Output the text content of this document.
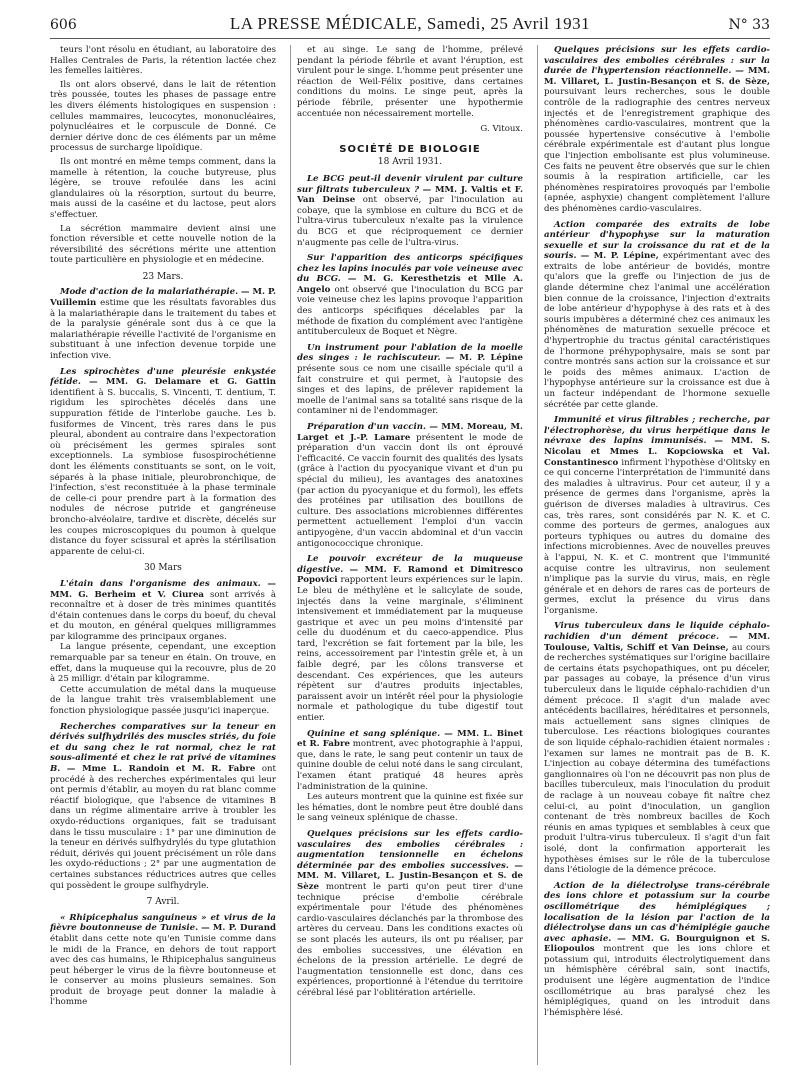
606	LA PRESSE MÉDICALE, Samedi, 25 Avril 1931	N° 33

teurs l'ont résolu en étudiant, au laboratoire des Halles Centrales de Paris, la rétention lactée chez les femelles laitières.

Ils ont alors observé, dans le lait de rétention très poussée, toutes les phases de passage entre les divers éléments histologiques en suspension : cellules mammaires, leucocytes, mononucléaires, polynucléaires et le corpuscule de Donné. Ce dernier dérive donc de ces éléments par un même processus de surcharge lipoïdique.

Ils ont montré en même temps comment, dans la mamelle à rétention, la couche butyreuse, plus légère, se trouve refoulée dans les acini glandulaires où la résorption, surtout du beurre, mais aussi de la caséine et du lactose, peut alors s'effectuer.

La sécrétion mammaire devient ainsi une fonction réversible et cette nouvelle notion de la réversibilité des sécrétions mérite une attention toute particulière en physiologie et en médecine.

23 Mars.

Mode d'action de la malariathérapie. — M. P. Vuillemin estime que les résultats favorables dus à la malariathérapie dans le traitement du tabes et de la paralysie générale sont dus à ce que la malariathérapie réveille l'activité de l'organisme en substituant à une infection devenue torpide une infection vive.

Les spirochètes d'une pleurésie enkystée fétide. — MM. G. Delamare et G. Gattin identifient à S. buccalis, S. Vincenti, T. dentium, T. rigidum les spirochètes décelés dans une suppuration fétide de l'interlobe gauche. Les b. fusiformes de Vincent, très rares dans le pus pleural, abondent au contraire dans l'expectoration où précisément les germes spirales sont exceptionnels. La symbiose fusospirochétienne dont les éléments constituants se sont, on le voit, séparés à la phase initiale, pleurobronchique, de l'infection, s'est reconstituée à la phase terminale de celle-ci pour prendre part à la formation des nodules de nécrose putride et gangréneuse broncho-alvéolaire, tardive et discrète, décelés sur les coupes microscopiques du poumon à quelque distance du foyer scissural et après la stérilisation apparente de celui-ci.

30 Mars

L'étain dans l'organisme des animaux. — MM. G. Berheim et V. Ciurea sont arrivés à reconnaître et à doser de très minimes quantités d'étain contenues dans le corps du boeuf, du cheval et du mouton, en général quelques milligrammes par kilogramme des principaux organes.

La langue présente, cependant, une exception remarquable par sa teneur en étain. On trouve, en effet, dans la muqueuse qui la recouvre, plus de 20 à 25 milligr. d'étain par kilogramme.

Cette accumulation de métal dans la muqueuse de la langue trahit très vraisemblablement une fonction physiologique passée jusqu'ici inaperçue.

Recherches comparatives sur la teneur en dérivés sulfhydrilés des muscles striés, du foie et du sang chez le rat normal, chez le rat sous-alimenté et chez le rat privé de vitamines B. — Mme L. Randoin et M. R. Fabre ont procédé à des recherches expérimentales qui leur ont permis d'établir, au moyen du rat blanc comme réactif biologique, que l'absence de vitamines B dans un régime alimentaire arrive à troubler les oxydo-réductions organiques, fait se traduisant dans le tissu musculaire : 1° par une diminution de la teneur en dérivés sulfhydrylés du type glutathion réduit, dérivés qui jouent précisément un rôle dans les oxydo-réductions ; 2° par une augmentation de certaines substances réductrices autres que celles qui possèdent le groupe sulfhydryle.

7 Avril.

« Rhipicephalus sanguineus » et virus de la fièvre boutonneuse de Tunisie. — M. P. Durand établit dans cette note qu'en Tunisie comme dans le midi de la France, en dehors de tout rapport avec des cas humains, le Rhipicephalus sanguineus peut héberger le virus de la fièvre boutonneuse et le conserver au moins plusieurs semaines. Son produit de broyage peut donner la maladie à l'homme

et au singe. Le sang de l'homme, prélevé pendant la période fébrile et avant l'éruption, est virulent pour le singe. L'homme peut présenter une réaction de Weil-Félix positive, dans certaines conditions du moins. Le singe peut, après la période fébrile, présenter une hypothermie accentuée non nécessairement mortelle.

G. Vitoux.
SOCIÉTÉ DE BIOLOGIE
18 Avril 1931.

Le BCG peut-il devenir virulent par culture sur filtrats tuberculeux ? — MM. J. Valtis et F. Van Deinse ont observé, par l'inoculation au cobaye, que la symbiose en culture du BCG et de l'ultra-virus tuberculeux n'exalte pas la virulence du BCG et que réciproquement ce dernier n'augmente pas celle de l'ultra-virus.

Sur l'apparition des anticorps spécifiques chez les lapins inoculés par voie veineuse avec du BCG. — M. G. Keresthetzis et Mlle A. Angelo ont observé que l'inoculation du BCG par voie veineuse chez les lapins provoque l'apparition des anticorps spécifiques décelables par la méthode de fixation du complément avec l'antigène antituberculeux de Boquet et Nègre.

Un instrument pour l'ablation de la moelle des singes : le rachiscuteur. — M. P. Lépine présente sous ce nom une cisaille spéciale qu'il a fait construire et qui permet, à l'autopsie des singes et des lapins, de prélever rapidement la moelle de l'animal sans sa totalité sans risque de la contaminer ni de l'endommager.

Préparation d'un vaccin. — MM. Moreau, M. Larget et J.-P. Lamare présentent le mode de préparation d'un vaccin dont ils ont éprouvé l'efficacité. Ce vaccin fournit des qualités des lysats (grâce à l'action du pyocyanique vivant et d'un pu spécial du milieu), les avantages des anatoxines (par action du pyocyanique et du formol), les effets des protéines par utilisation des bouillons de culture. Des associations microbiennes différentes permettent actuellement l'emploi d'un vaccin antipyogène, d'un vaccin abdominal et d'un vaccin antigonococcique chronique.

Le pouvoir excréteur de la muqueuse digestive. — MM. F. Ramond et Dimitresco Popovici rapportent leurs expériences sur le lapin. Le bleu de méthylène et le salicylate de soude, injectés dans la veine marginale, s'éliminent intensivement et immédiatement par la muqueuse gastrique et avec un peu moins d'intensité par celle du duodénum et du caeco-appendice. Plus tard, l'excrétion se fait fortement par la bile, les reins, accessoirement par l'intestin grêle et, à un faible degré, par les côlons transverse et descendant. Ces expériences, que les auteurs répètent sur d'autres produits injectables, paraissent avoir un intérêt réel pour la physiologie normale et pathologique du tube digestif tout entier.

Quinine et sang splénique. — MM. L. Binet et R. Fabre montrent, avec photographie à l'appui, que, dans le rate, le sang peut contenir un taux de quinine double de celui noté dans le sang circulant, l'examen étant pratiqué 48 heures après l'administration de la quinine.

Les auteurs montrent que la quinine est fixée sur les hématies, dont le nombre peut être doublé dans le sang veineux splénique de chasse.

Quelques précisions sur les effets cardio-vasculaires des embolies cérébrales : augmentation tensionnelle en échelons déterminée par des embolies successives. — MM. M. Villaret, L. Justin-Besançon et S. de Sèze montrent le parti qu'on peut tirer d'une technique précise d'embolie cérébrale expérimentale pour l'étude des phénomènes cardio-vasculaires déclanchés par la thrombose des artères du cerveau. Dans les conditions exactes où se sont placés les auteurs, ils ont pu réaliser, par des embolies successives, une élévation en échelons de la pression artérielle. Le degré de l'augmentation tensionnelle est donc, dans ces expériences, proportionné à l'étendue du territoire cérébral lésé par l'oblitération artérielle.

Quelques précisions sur les effets cardio-vasculaires des embolies cérébrales : sur la durée de l'hypertension réactionnelle. — MM. M. Villaret, L. Justin-Besançon et S. de Sèze, poursuivant leurs recherches, sous le double contrôle de la radiographie des centres nerveux injectés et de l'enregistrement graphique des phénomènes cardio-vasculaires, montrent que la poussée hypertensive consécutive à l'embolie cérébrale expérimentale est d'autant plus longue que l'injection embolisante est plus volumineuse. Ces faits ne peuvent être observés que sur le chien soumis à la respiration artificielle, car les phénomènes respiratoires provoqués par l'embolie (apnée, asphyxie) changent complètement l'allure des phénomènes cardio-vasculaires.

Action comparée des extraits de lobe antérieur d'hypophyse sur la maturation sexuelle et sur la croissance du rat et de la souris. — M. P. Lépine, expérimentant avec des extraits de lobe antérieur de bovidés, montre qu'alors que la greffe ou l'injection de jus de glande détermine chez l'animal une accélération bien connue de la croissance, l'injection d'extraits de lobe antérieur d'hypophyse à des rats et à des souris impubères a déterminé chez ces animaux les phénomènes de maturation sexuelle précoce et d'hypertrophie du tractus génital caractéristiques de l'hormone préhypophysaire, mais se sont par contre montrés sans action sur la croissance et sur le poids des mêmes animaux. L'action de l'hypophyse antérieure sur la croissance est due à un facteur indépendant de l'hormone sexuelle sécrétée par cette glande.

Immunité et virus filtrables ; recherche, par l'électrophorèse, du virus herpétique dans le névraxe des lapins immunisés. — MM. S. Nicolau et Mmes L. Kopciowska et Val. Constantinesco infirment l'hypothèse d'Olitsky en ce qui concerne l'interprétation de l'immunité dans des maladies à ultravirus. Pour cet auteur, il y a présence de germes dans l'organisme, après la guérison de diverses maladies à ultravirus. Ces cas, très rares, sont considérés par N. K. et C. comme des porteurs de germes, analogues aux porteurs typhiques ou autres du domaine des infections microbiennes. Avec de nouvelles preuves à l'appui, N. K. et C. montrent que l'immunité acquise contre les ultravirus, non seulement n'implique pas la survie du virus, mais, en règle générale et en dehors de rares cas de porteurs de germes, exclut la présence du virus dans l'organisme.

Virus tuberculeux dans le liquide céphalo-rachidien d'un dément précoce. — MM. Toulouse, Valtis, Schiff et Van Deinse, au cours de recherches systématiques sur l'origine bacillaire de certains états psychopathiques, ont pu déceler, par passages au cobaye, la présence d'un virus tuberculeux dans le liquide céphalo-rachidien d'un dément précoce. Il s'agit d'un malade avec antécédents bacillaires, héréditaires et personnels, mais actuellement sans signes cliniques de tuberculose. Les réactions biologiques courantes de son liquide céphalo-rachidien étaient normales : l'examen sur lames ne montrait pas de B. K. L'injection au cobaye détermina des tuméfactions ganglionnaires où l'on ne découvrit pas non plus de bacilles tuberculeux, mais l'inoculation du produit de raclage à un nouveau cobaye fit naître chez celui-ci, au point d'inoculation, un ganglion contenant de très nombreux bacilles de Koch réunis en amas typiques et semblables à ceux que produit l'ultra-virus tuberculeux. Il s'agit d'un fait isolé, dont la confirmation apporterait les hypothèses émises sur le rôle de la tuberculose dans l'étiologie de la démence précoce.

Action de la diélectrolyse trans-cérébrale des ions chlore et potassium sur la courbe oscillométrique des hémiplégiques ; localisation de la lésion par l'action de la diélectrolyse dans un cas d'hémiplégie gauche avec aphasie. — MM. G. Bourguignon et S. Eliopoulos montrent que les ions chlore et potassium qui, introduits électrolytiquement dans un hémisphère cérébral sain, sont inactifs, produisent une légère augmentation de l'indice oscillométrique au bras paralysé chez les hémiplégiques, quand on les introduit dans l'hémisphère lésé.
